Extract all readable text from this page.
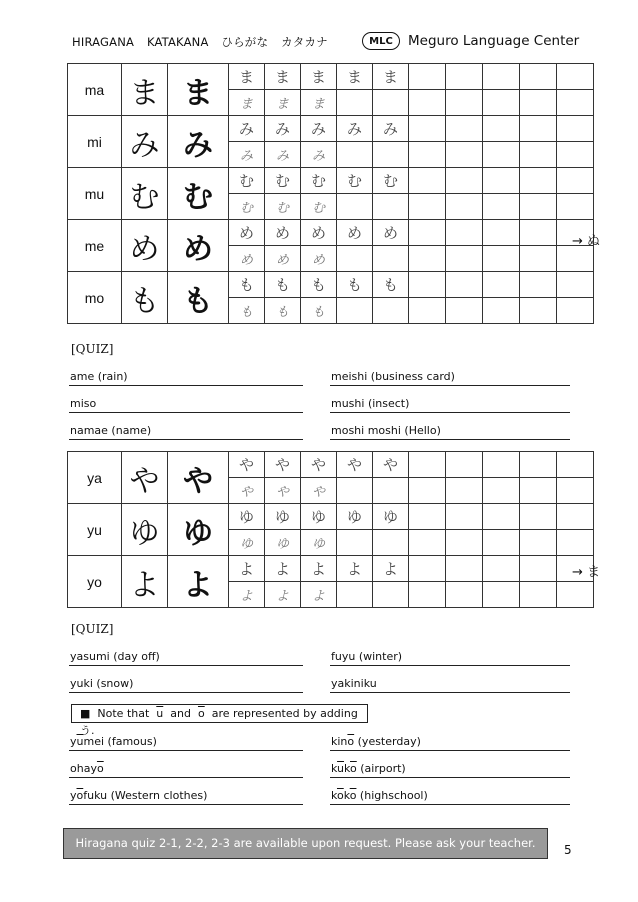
HIRAGANA KATAKANA ひらがな カタカナ	MLC	Meguro Language Center
ma	ま	ま	ま	ま	ま	ま	ま					
			ま	ま	ま							
mi	み	み	み	み	み	み	み					
			み	み	み							
mu	む	む	む	む	む	む	む					
			む	む	む							
me	め	め	め	め	め	め	め					
			め	め	め							
mo	も	も	も	も	も	も	も					
			も	も	も							
→ ぬ
[QUIZ]
ame (rain)	meishi (business card)
miso	mushi (insect)
namae (name)	moshi moshi (Hello)
ya	や	や	や	や	や	や	や					
			や	や	や							
yu	ゆ	ゆ	ゆ	ゆ	ゆ	ゆ	ゆ					
			ゆ	ゆ	ゆ							
yo	よ	よ	よ	よ	よ	よ	よ					
			よ	よ	よ							
→ ま
[QUIZ]
yasumi (day off)	fuyu (winter)
yuki (snow)	yakiniku
■ Note that $\overline{u}$ and $\overline{o}$ are represented by adding  う.
$y\overline{u}mei$ (famous)	$kin\overline{o}$ (yesterday)
$ohay\overline{o}$	$k\overline{u}k\overline{o}$ (airport)
$y\overline{o}fuku$ (Western clothes)	$k\overline{o}k\overline{o}$ (highschool)
Hiragana quiz 2-1, 2-2, 2-3 are available upon request. Please ask your teacher.	5
